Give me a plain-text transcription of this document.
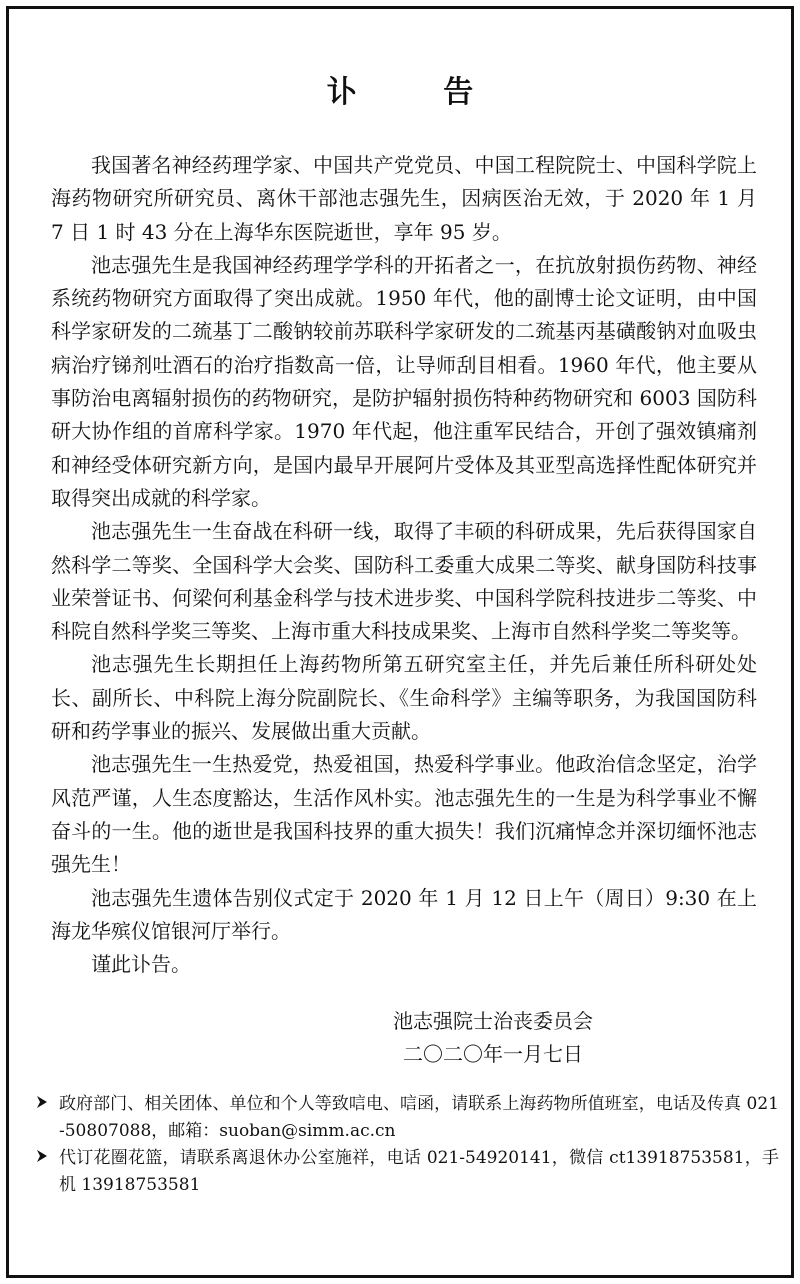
讣 告

我国著名神经药理学家、中国共产党党员、中国工程院院士、中国科学院上海药物研究所研究员、离休干部池志强先生，因病医治无效，于 2020 年 1 月 7 日 1 时 43 分在上海华东医院逝世，享年 95 岁。

池志强先生是我国神经药理学学科的开拓者之一，在抗放射损伤药物、神经系统药物研究方面取得了突出成就。1950 年代，他的副博士论文证明，由中国科学家研发的二巯基丁二酸钠较前苏联科学家研发的二巯基丙基磺酸钠对血吸虫病治疗锑剂吐酒石的治疗指数高一倍，让导师刮目相看。1960 年代，他主要从事防治电离辐射损伤的药物研究，是防护辐射损伤特种药物研究和 6003 国防科研大协作组的首席科学家。1970 年代起，他注重军民结合，开创了强效镇痛剂和神经受体研究新方向，是国内最早开展阿片受体及其亚型高选择性配体研究并取得突出成就的科学家。

池志强先生一生奋战在科研一线，取得了丰硕的科研成果，先后获得国家自然科学二等奖、全国科学大会奖、国防科工委重大成果二等奖、献身国防科技事业荣誉证书、何梁何利基金科学与技术进步奖、中国科学院科技进步二等奖、中科院自然科学奖三等奖、上海市重大科技成果奖、上海市自然科学奖二等奖等。

池志强先生长期担任上海药物所第五研究室主任，并先后兼任所科研处处长、副所长、中科院上海分院副院长、《生命科学》主编等职务，为我国国防科研和药学事业的振兴、发展做出重大贡献。

池志强先生一生热爱党，热爱祖国，热爱科学事业。他政治信念坚定，治学风范严谨，人生态度豁达，生活作风朴实。池志强先生的一生是为科学事业不懈奋斗的一生。他的逝世是我国科技界的重大损失！我们沉痛悼念并深切缅怀池志强先生！

池志强先生遗体告别仪式定于 2020 年 1 月 12 日上午（周日）9:30 在上海龙华殡仪馆银河厅举行。

谨此讣告。

池志强院士治丧委员会
二〇二〇年一月七日
政府部门、相关团体、单位和个人等致唁电、唁函，请联系上海药物所值班室，电话及传真 021-50807088，邮箱：suoban@simm.ac.cn
代订花圈花篮，请联系离退休办公室施祥，电话 021-54920141，微信 ct13918753581，手机 13918753581
